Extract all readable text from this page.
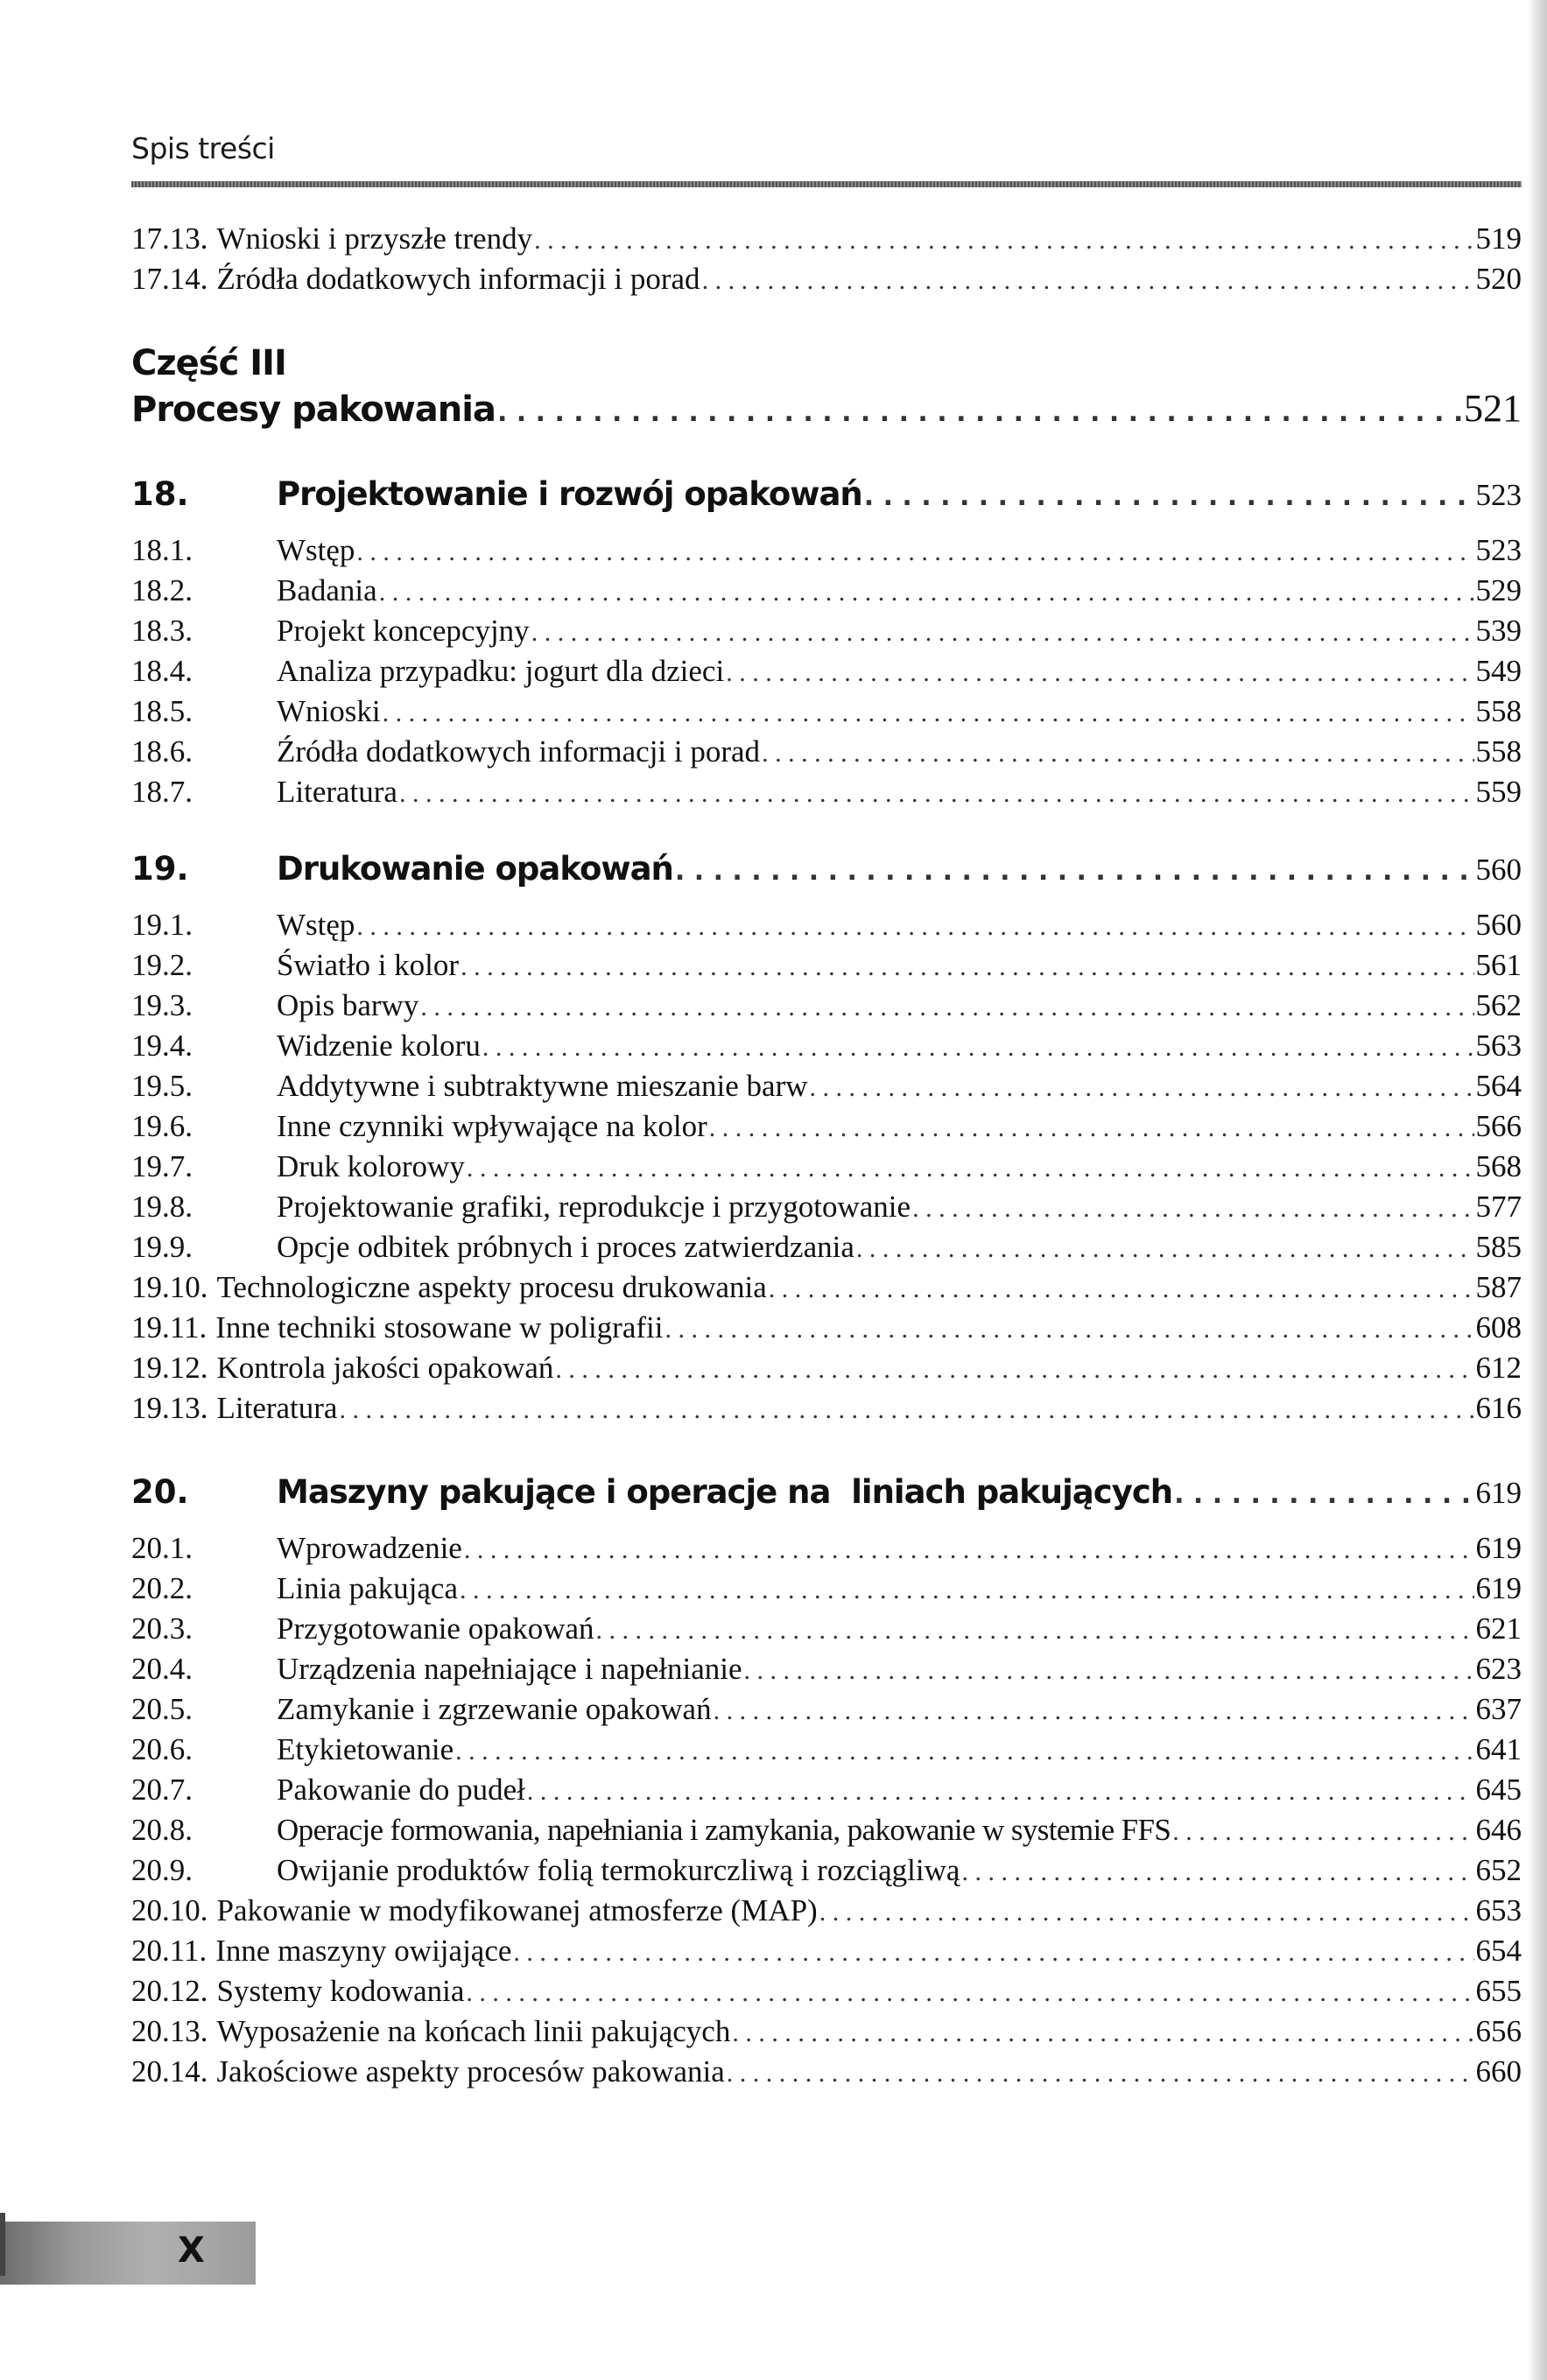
Spis treści
17.13. Wnioski i przyszłe trendy . . .	519
17.14. Źródła dodatkowych informacji i porad . . .	520
Część III
Procesy pakowania . . .	521
18.	Projektowanie i rozwój opakowań . . .	523
18.1.	Wstęp . . .	523
18.2.	Badania . . .	529
18.3.	Projekt koncepcyjny . . .	539
18.4.	Analiza przypadku: jogurt dla dzieci . . .	549
18.5.	Wnioski . . .	558
18.6.	Źródła dodatkowych informacji i porad . . .	558
18.7.	Literatura . . .	559
19.	Drukowanie opakowań . . .	560
19.1.	Wstęp . . .	560
19.2.	Światło i kolor . . .	561
19.3.	Opis barwy . . .	562
19.4.	Widzenie koloru . . .	563
19.5.	Addytywne i subtraktywne mieszanie barw . . .	564
19.6.	Inne czynniki wpływające na kolor . . .	566
19.7.	Druk kolorowy . . .	568
19.8.	Projektowanie grafiki, reprodukcje i przygotowanie . . .	577
19.9.	Opcje odbitek próbnych i proces zatwierdzania . . .	585
19.10. Technologiczne aspekty procesu drukowania . . .	587
19.11. Inne techniki stosowane w poligrafii . . .	608
19.12. Kontrola jakości opakowań . . .	612
19.13. Literatura . . .	616
20.	Maszyny pakujące i operacje na  liniach pakujących . . .	619
20.1.	Wprowadzenie . . .	619
20.2.	Linia pakująca . . .	619
20.3.	Przygotowanie opakowań . . .	621
20.4.	Urządzenia napełniające i napełnianie . . .	623
20.5.	Zamykanie i zgrzewanie opakowań . . .	637
20.6.	Etykietowanie . . .	641
20.7.	Pakowanie do pudeł . . .	645
20.8.	Operacje formowania, napełniania i zamykania, pakowanie w systemie FFS . . .	646
20.9.	Owijanie produktów folią termokurczliwą i rozciągliwą . . .	652
20.10. Pakowanie w modyfikowanej atmosferze (MAP) . . .	653
20.11. Inne maszyny owijające . . .	654
20.12. Systemy kodowania . . .	655
20.13. Wyposażenie na końcach linii pakujących . . .	656
20.14. Jakościowe aspekty procesów pakowania . . .	660
X
